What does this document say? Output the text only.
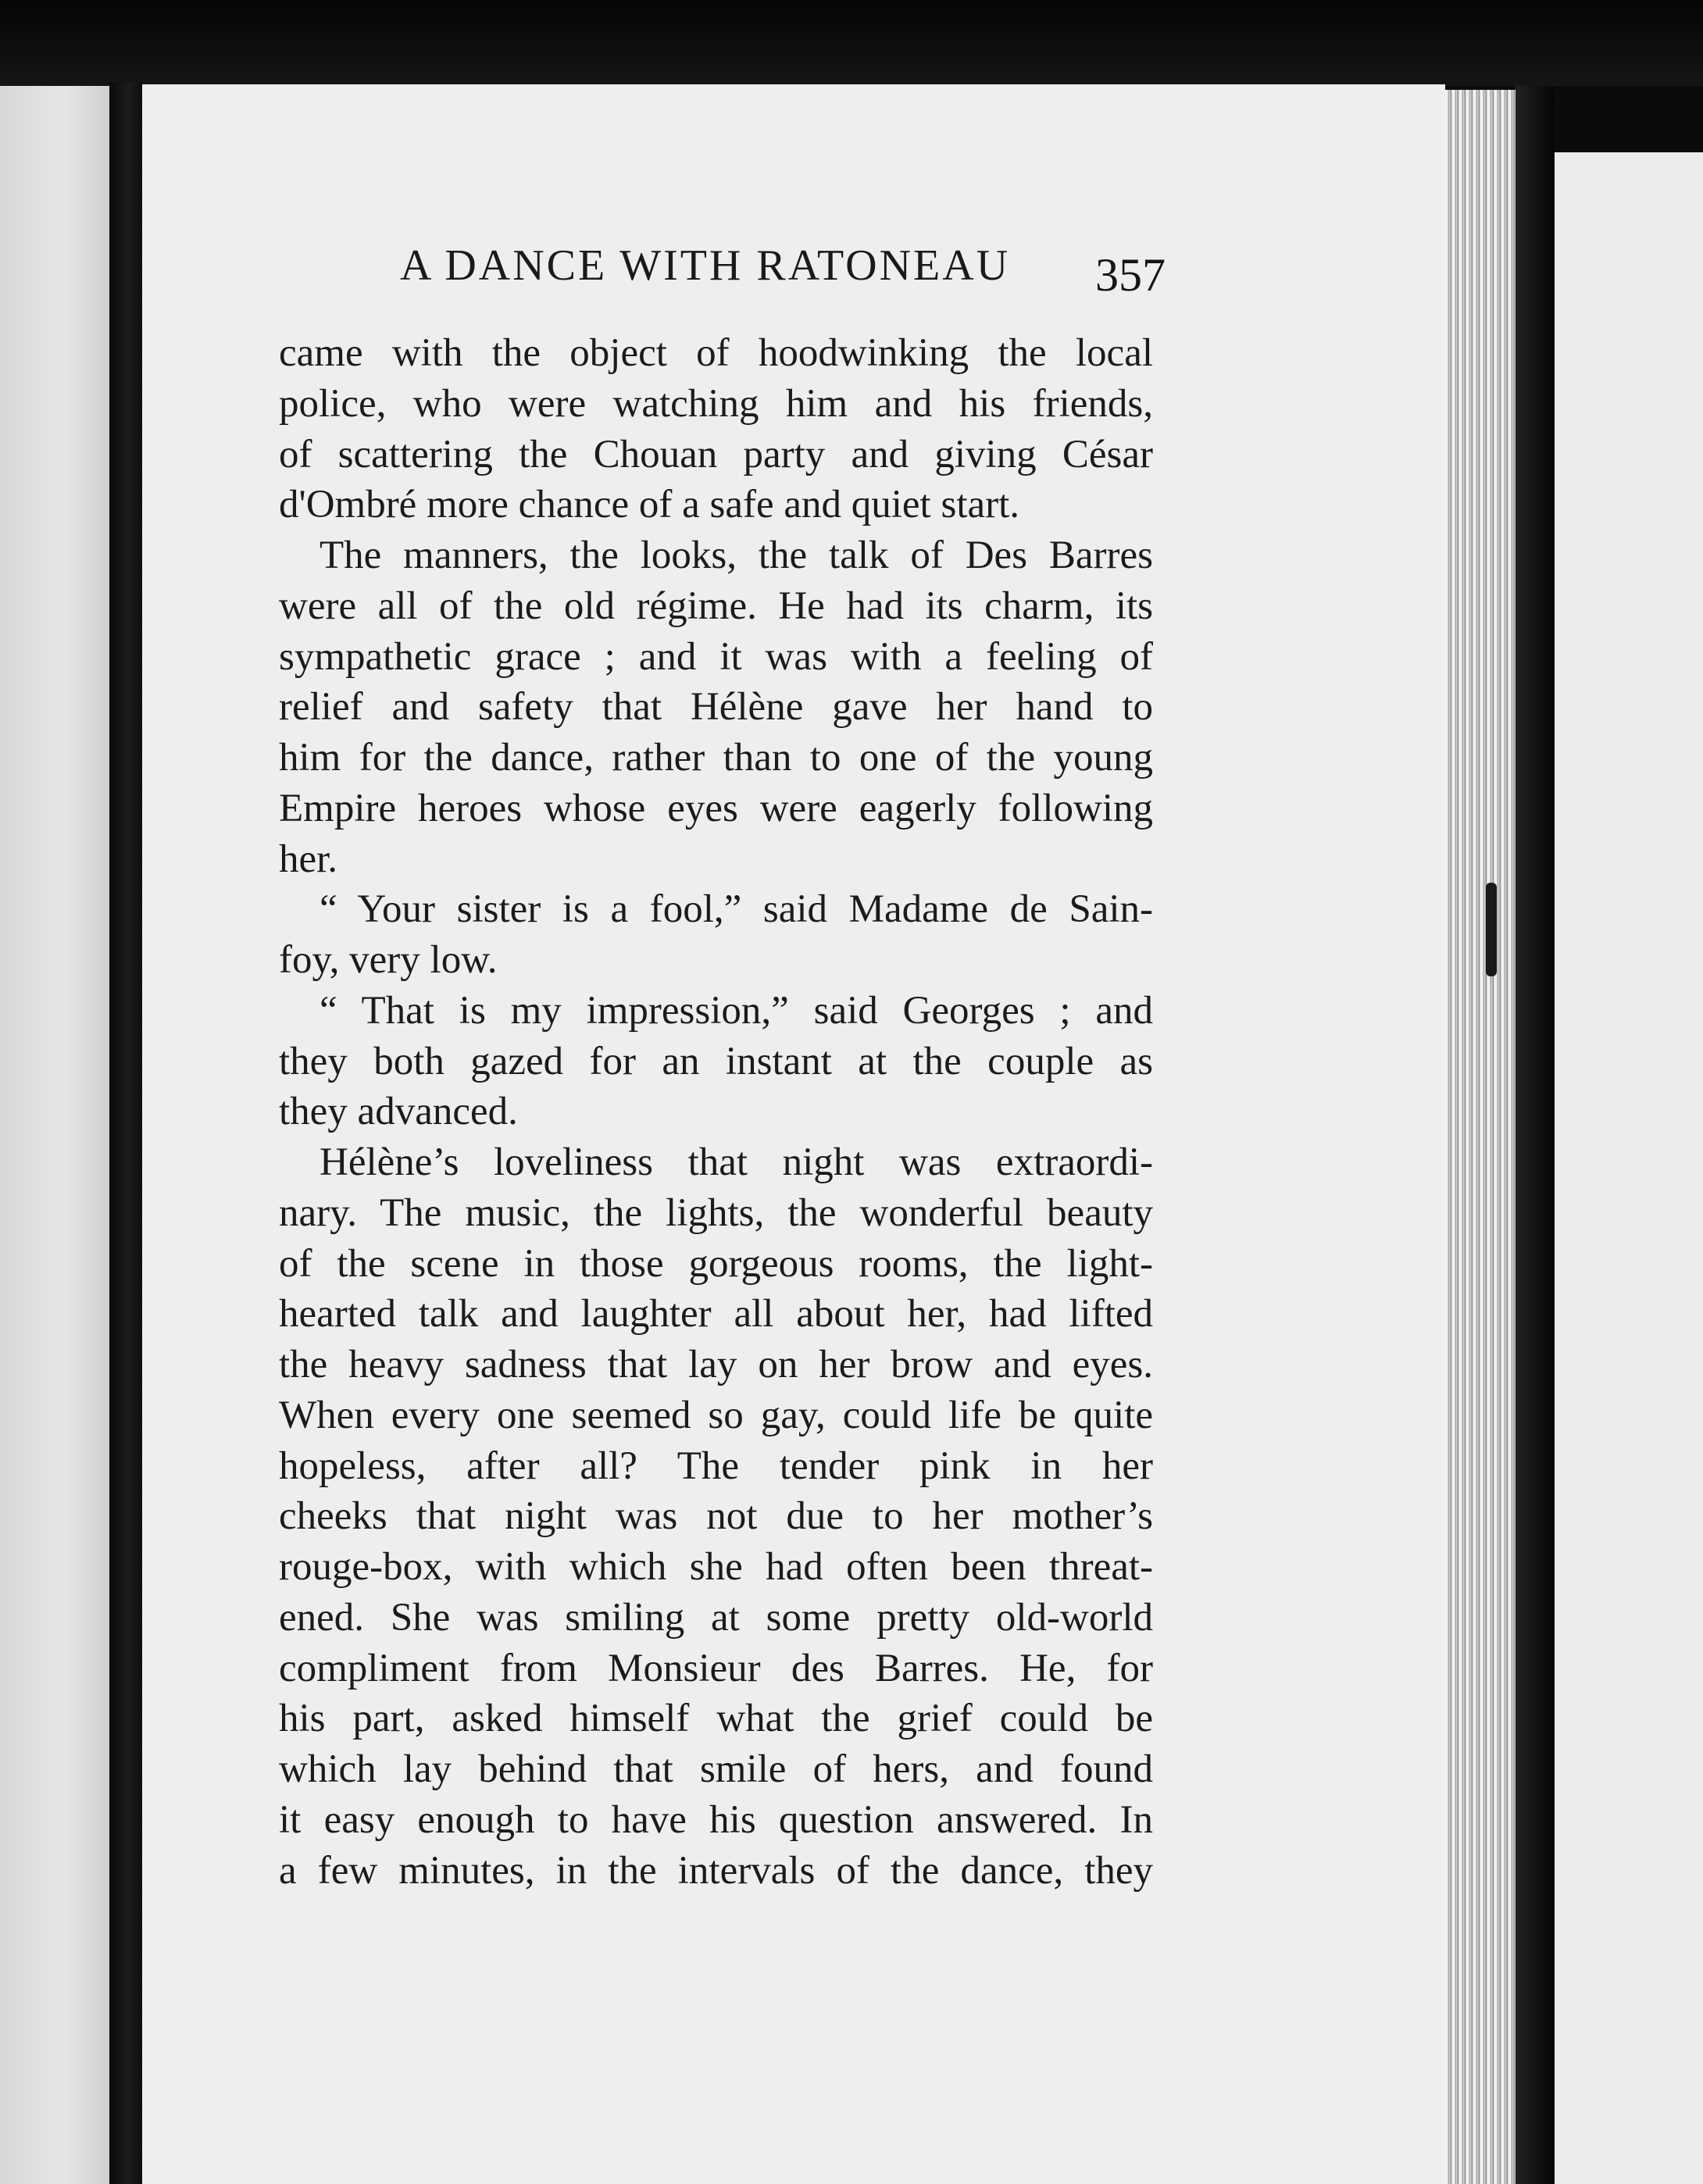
A DANCE WITH RATONEAU 357
came with the object of hoodwinking the local
police, who were watching him and his friends,
of scattering the Chouan party and giving César
d'Ombré more chance of a safe and quiet start.
The manners, the looks, the talk of Des Barres
were all of the old régime. He had its charm, its
sympathetic grace ; and it was with a feeling of
relief and safety that Hélène gave her hand to
him for the dance, rather than to one of the young
Empire heroes whose eyes were eagerly following
her.
“ Your sister is a fool,” said Madame de Sain-
foy, very low.
“ That is my impression,” said Georges ; and
they both gazed for an instant at the couple as
they advanced.
Hélène’s loveliness that night was extraordi-
nary. The music, the lights, the wonderful beauty
of the scene in those gorgeous rooms, the light-
hearted talk and laughter all about her, had lifted
the heavy sadness that lay on her brow and eyes.
When every one seemed so gay, could life be quite
hopeless, after all? The tender pink in her
cheeks that night was not due to her mother’s
rouge-box, with which she had often been threat-
ened. She was smiling at some pretty old-world
compliment from Monsieur des Barres. He, for
his part, asked himself what the grief could be
which lay behind that smile of hers, and found
it easy enough to have his question answered. In
a few minutes, in the intervals of the dance, they
